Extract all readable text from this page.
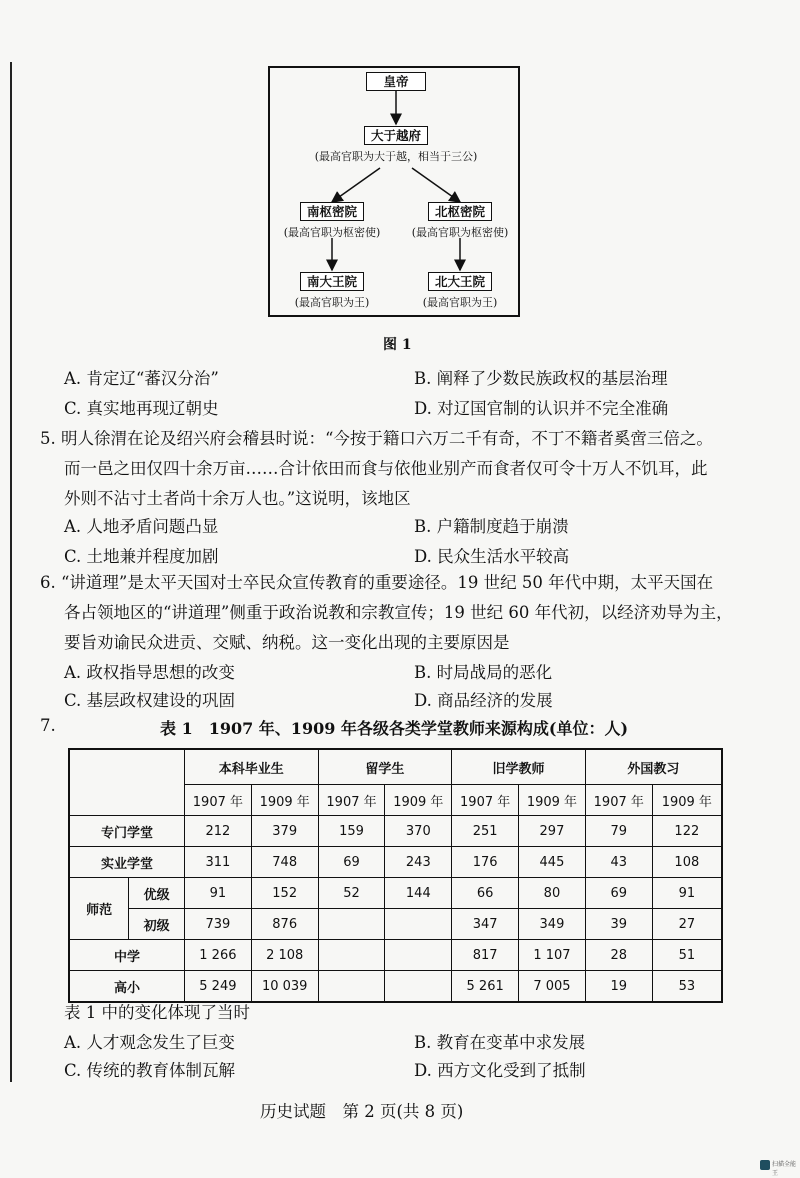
皇帝
大于越府
(最高官职为大于越，相当于三公)
南枢密院
(最高官职为枢密使)
北枢密院
(最高官职为枢密使)
南大王院
(最高官职为王)
北大王院
(最高官职为王)
图 1
A. 肯定辽“蕃汉分治”	B. 阐释了少数民族政权的基层治理
C. 真实地再现辽朝史	D. 对辽国官制的认识并不完全准确
5. 明人徐渭在论及绍兴府会稽县时说：“今按于籍口六万二千有奇，不丁不籍者奚啻三倍之。
而一邑之田仅四十余万亩……合计依田而食与依他业别产而食者仅可令十万人不饥耳，此
外则不沾寸土者尚十余万人也。”这说明，该地区
A. 人地矛盾问题凸显	B. 户籍制度趋于崩溃
C. 土地兼并程度加剧	D. 民众生活水平较高
6. “讲道理”是太平天国对士卒民众宣传教育的重要途径。19 世纪 50 年代中期，太平天国在
各占领地区的“讲道理”侧重于政治说教和宗教宣传；19 世纪 60 年代初，以经济劝导为主，
要旨劝谕民众进贡、交赋、纳税。这一变化出现的主要原因是
A. 政权指导思想的改变	B. 时局战局的恶化
C. 基层政权建设的巩固	D. 商品经济的发展
7.	表 1　1907 年、1909 年各级各类学堂教师来源构成(单位：人)
		本科毕业生		留学生		旧学教师		外国教习	
		1907 年	1909 年	1907 年	1909 年	1907 年	1909 年	1907 年	1909 年
专门学堂		212	379	159	370	251	297	79	122
实业学堂		311	748	69	243	176	445	43	108
师范	优级	91	152	52	144	66	80	69	91
	初级	739	876			347	349	39	27
中学		1 266	2 108			817	1 107	28	51
高小		5 249	10 039			5 261	7 005	19	53
表 1 中的变化体现了当时
A. 人才观念发生了巨变	B. 教育在变革中求发展
C. 传统的教育体制瓦解	D. 西方文化受到了抵制
历史试题　第 2 页(共 8 页)
扫描全能王
